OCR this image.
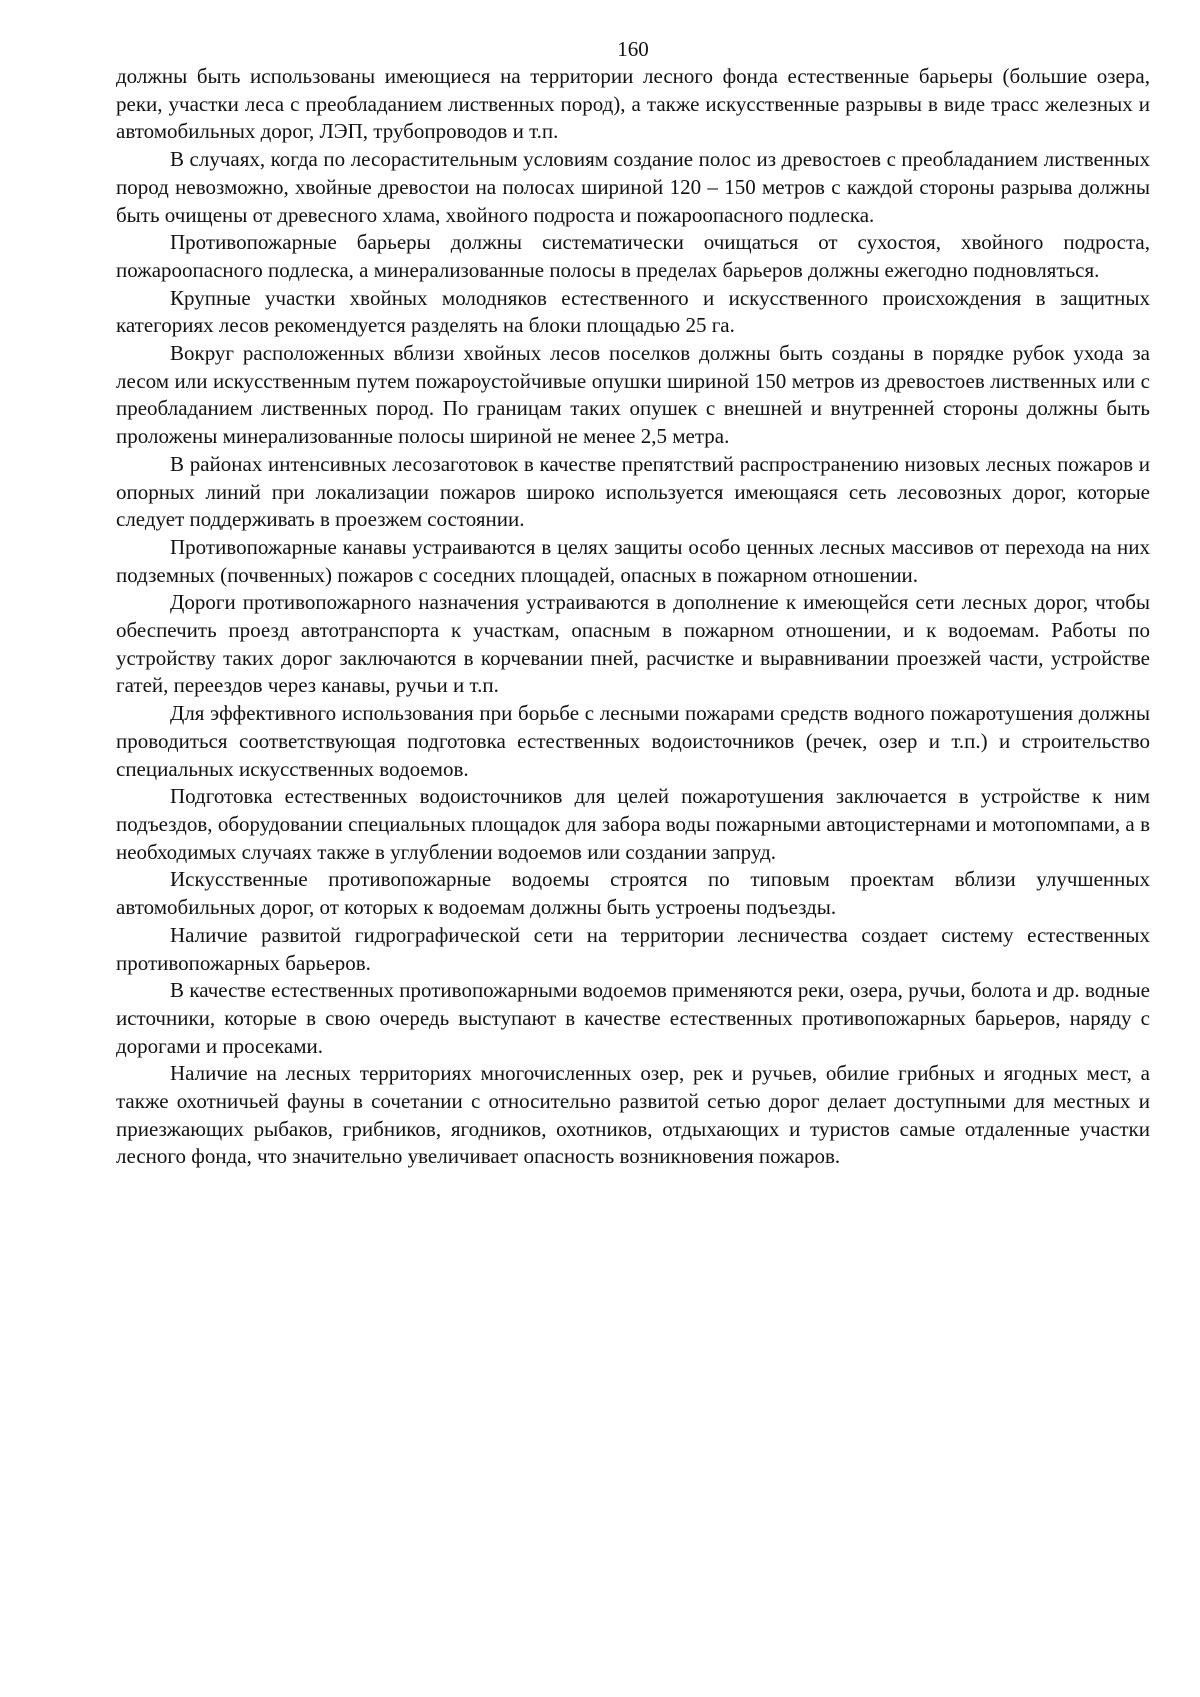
160

должны быть использованы имеющиеся на территории лесного фонда естественные барьеры (большие озера, реки, участки леса с преобладанием лиственных пород), а также искусственные разрывы в виде трасс железных и автомобильных дорог, ЛЭП, трубопроводов и т.п.

В случаях, когда по лесорастительным условиям создание полос из древостоев с преобладанием лиственных пород невозможно, хвойные древостои на полосах шириной 120 – 150 метров с каждой стороны разрыва должны быть очищены от древесного хлама, хвойного подроста и пожароопасного подлеска.

Противопожарные барьеры должны систематически очищаться от сухостоя, хвойного подроста, пожароопасного подлеска, а минерализованные полосы в пределах барьеров должны ежегодно подновляться.

Крупные участки хвойных молодняков естественного и искусственного происхождения в защитных категориях лесов рекомендуется разделять на блоки площадью 25 га.

Вокруг расположенных вблизи хвойных лесов поселков должны быть созданы в порядке рубок ухода за лесом или искусственным путем пожароустойчивые опушки шириной 150 метров из древостоев лиственных или с преобладанием лиственных пород. По границам таких опушек с внешней и внутренней стороны должны быть проложены минерализованные полосы шириной не менее 2,5 метра.

В районах интенсивных лесозаготовок в качестве препятствий распространению низовых лесных пожаров и опорных линий при локализации пожаров широко используется имеющаяся сеть лесовозных дорог, которые следует поддерживать в проезжем состоянии.

Противопожарные канавы устраиваются в целях защиты особо ценных лесных массивов от перехода на них подземных (почвенных) пожаров с соседних площадей, опасных в пожарном отношении.

Дороги противопожарного назначения устраиваются в дополнение к имеющейся сети лесных дорог, чтобы обеспечить проезд автотранспорта к участкам, опасным в пожарном отношении, и к водоемам. Работы по устройству таких дорог заключаются в корчевании пней, расчистке и выравнивании проезжей части, устройстве гатей, переездов через канавы, ручьи и т.п.

Для эффективного использования при борьбе с лесными пожарами средств водного пожаротушения должны проводиться соответствующая подготовка естественных водоисточников (речек, озер и т.п.) и строительство специальных искусственных водоемов.

Подготовка естественных водоисточников для целей пожаротушения заключается в устройстве к ним подъездов, оборудовании специальных площадок для забора воды пожарными автоцистернами и мотопомпами, а в необходимых случаях также в углублении водоемов или создании запруд.

Искусственные противопожарные водоемы строятся по типовым проектам вблизи улучшенных автомобильных дорог, от которых к водоемам должны быть устроены подъезды.

Наличие развитой гидрографической сети на территории лесничества создает систему естественных противопожарных барьеров.

В качестве естественных противопожарными водоемов применяются реки, озера, ручьи, болота и др. водные источники, которые в свою очередь выступают в качестве естественных противопожарных барьеров, наряду с дорогами и просеками.

Наличие на лесных территориях многочисленных озер, рек и ручьев, обилие грибных и ягодных мест, а также охотничьей фауны в сочетании с относительно развитой сетью дорог делает доступными для местных и приезжающих рыбаков, грибников, ягодников, охотников, отдыхающих и туристов самые отдаленные участки лесного фонда, что значительно увеличивает опасность возникновения пожаров.
